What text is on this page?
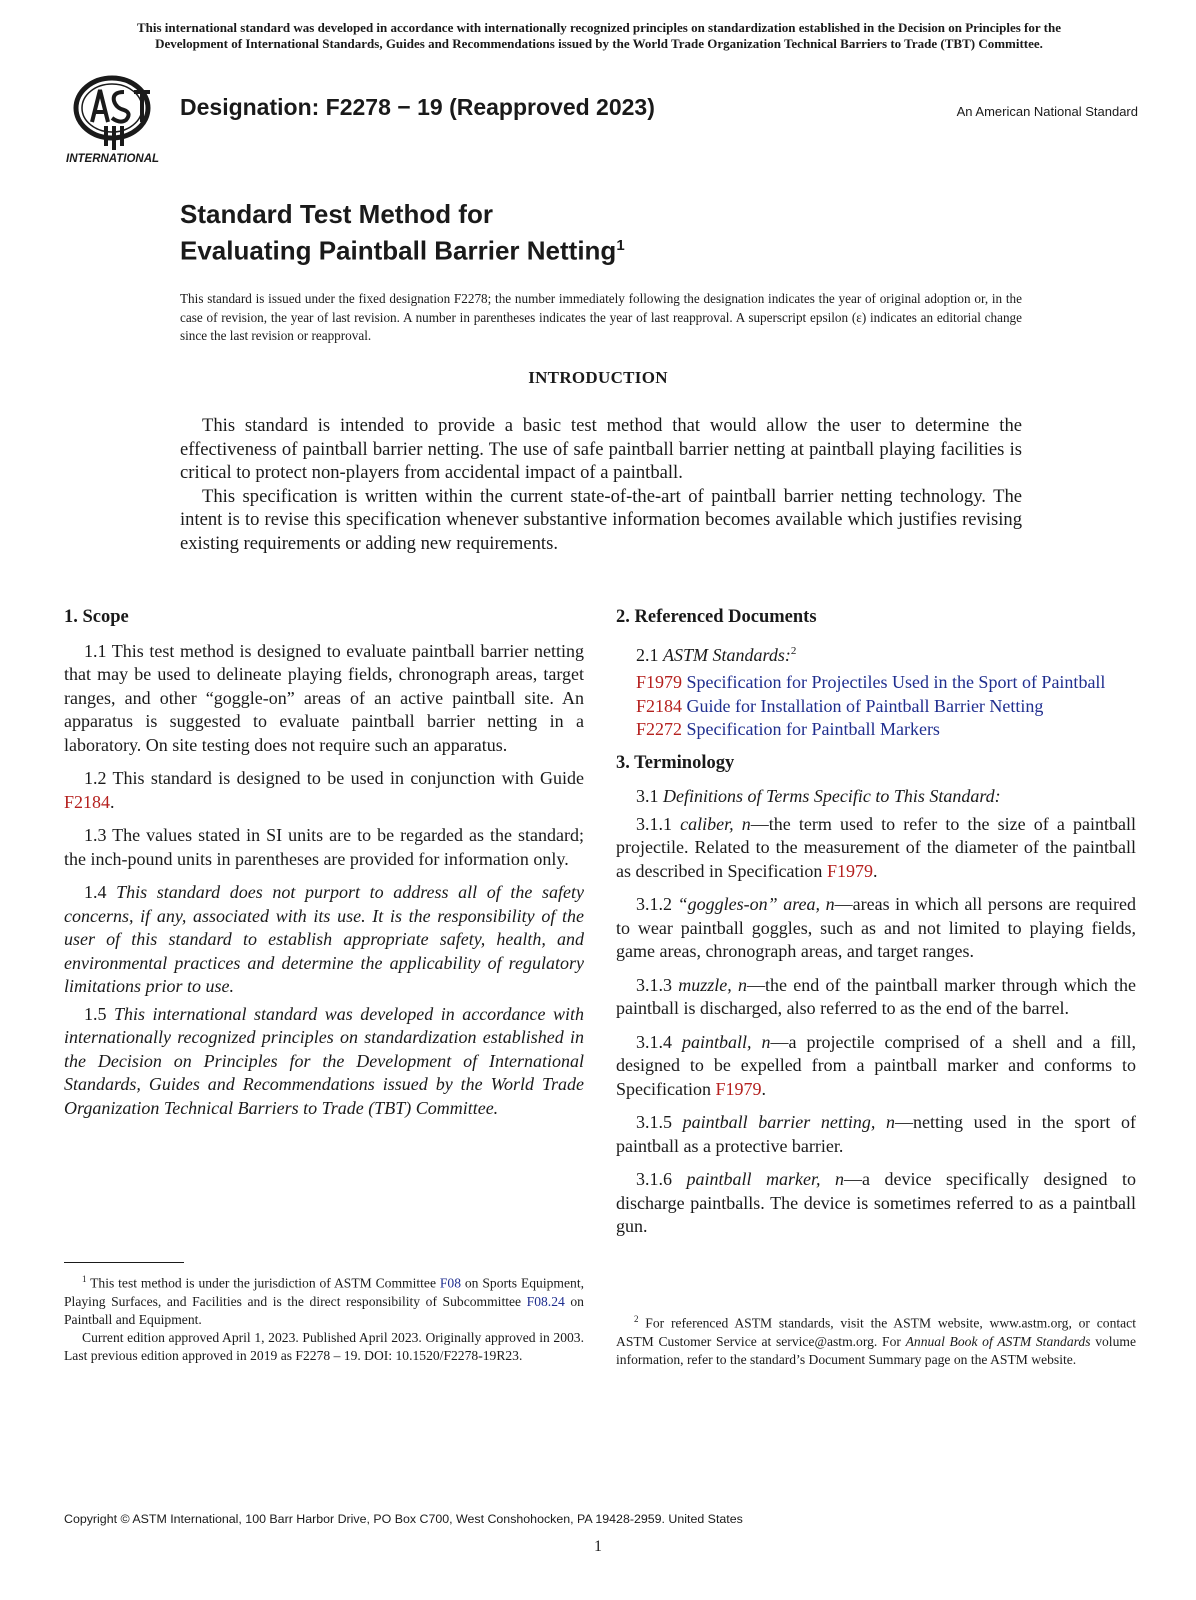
This international standard was developed in accordance with internationally recognized principles on standardization established in the Decision on Principles for the
Development of International Standards, Guides and Recommendations issued by the World Trade Organization Technical Barriers to Trade (TBT) Committee.
INTERNATIONAL
Designation: F2278 − 19 (Reapproved 2023)	An American National Standard
Standard Test Method for
Evaluating Paintball Barrier Netting$^1$
This standard is issued under the fixed designation F2278; the number immediately following the designation indicates the year of original adoption or, in the case of revision, the year of last revision. A number in parentheses indicates the year of last reapproval. A superscript epsilon (ε) indicates an editorial change since the last revision or reapproval.
INTRODUCTION

This standard is intended to provide a basic test method that would allow the user to determine the effectiveness of paintball barrier netting. The use of safe paintball barrier netting at paintball playing facilities is critical to protect non-players from accidental impact of a paintball.

This specification is written within the current state-of-the-art of paintball barrier netting technology. The intent is to revise this specification whenever substantive information becomes available which justifies revising existing requirements or adding new requirements.

1. Scope

1.1 This test method is designed to evaluate paintball barrier netting that may be used to delineate playing fields, chronograph areas, target ranges, and other “goggle-on” areas of an active paintball site. An apparatus is suggested to evaluate paintball barrier netting in a laboratory. On site testing does not require such an apparatus.

1.2 This standard is designed to be used in conjunction with Guide F2184.

1.3 The values stated in SI units are to be regarded as the standard; the inch-pound units in parentheses are provided for information only.

1.4 This standard does not purport to address all of the safety concerns, if any, associated with its use. It is the responsibility of the user of this standard to establish appropriate safety, health, and environmental practices and determine the applicability of regulatory limitations prior to use.

1.5 This international standard was developed in accordance with internationally recognized principles on standardization established in the Decision on Principles for the Development of International Standards, Guides and Recommendations issued by the World Trade Organization Technical Barriers to Trade (TBT) Committee.

2. Referenced Documents

2.1 ASTM Standards:$^2$

F1979 Specification for Projectiles Used in the Sport of Paintball
F2184 Guide for Installation of Paintball Barrier Netting
F2272 Specification for Paintball Markers
3. Terminology

3.1 Definitions of Terms Specific to This Standard:

3.1.1 caliber, n—the term used to refer to the size of a paintball projectile. Related to the measurement of the diameter of the paintball as described in Specification F1979.

3.1.2 “goggles-on” area, n—areas in which all persons are required to wear paintball goggles, such as and not limited to playing fields, game areas, chronograph areas, and target ranges.

3.1.3 muzzle, n—the end of the paintball marker through which the paintball is discharged, also referred to as the end of the barrel.

3.1.4 paintball, n—a projectile comprised of a shell and a fill, designed to be expelled from a paintball marker and conforms to Specification F1979.

3.1.5 paintball barrier netting, n—netting used in the sport of paintball as a protective barrier.

3.1.6 paintball marker, n—a device specifically designed to discharge paintballs. The device is sometimes referred to as a paintball gun.

$^1$ This test method is under the jurisdiction of ASTM Committee F08 on Sports Equipment, Playing Surfaces, and Facilities and is the direct responsibility of Subcommittee F08.24 on Paintball and Equipment.

Current edition approved April 1, 2023. Published April 2023. Originally approved in 2003. Last previous edition approved in 2019 as F2278 – 19. DOI: 10.1520/F2278-19R23.

$^2$ For referenced ASTM standards, visit the ASTM website, www.astm.org, or contact ASTM Customer Service at service@astm.org. For Annual Book of ASTM Standards volume information, refer to the standard’s Document Summary page on the ASTM website.

Copyright © ASTM International, 100 Barr Harbor Drive, PO Box C700, West Conshohocken, PA 19428-2959. United States
1
